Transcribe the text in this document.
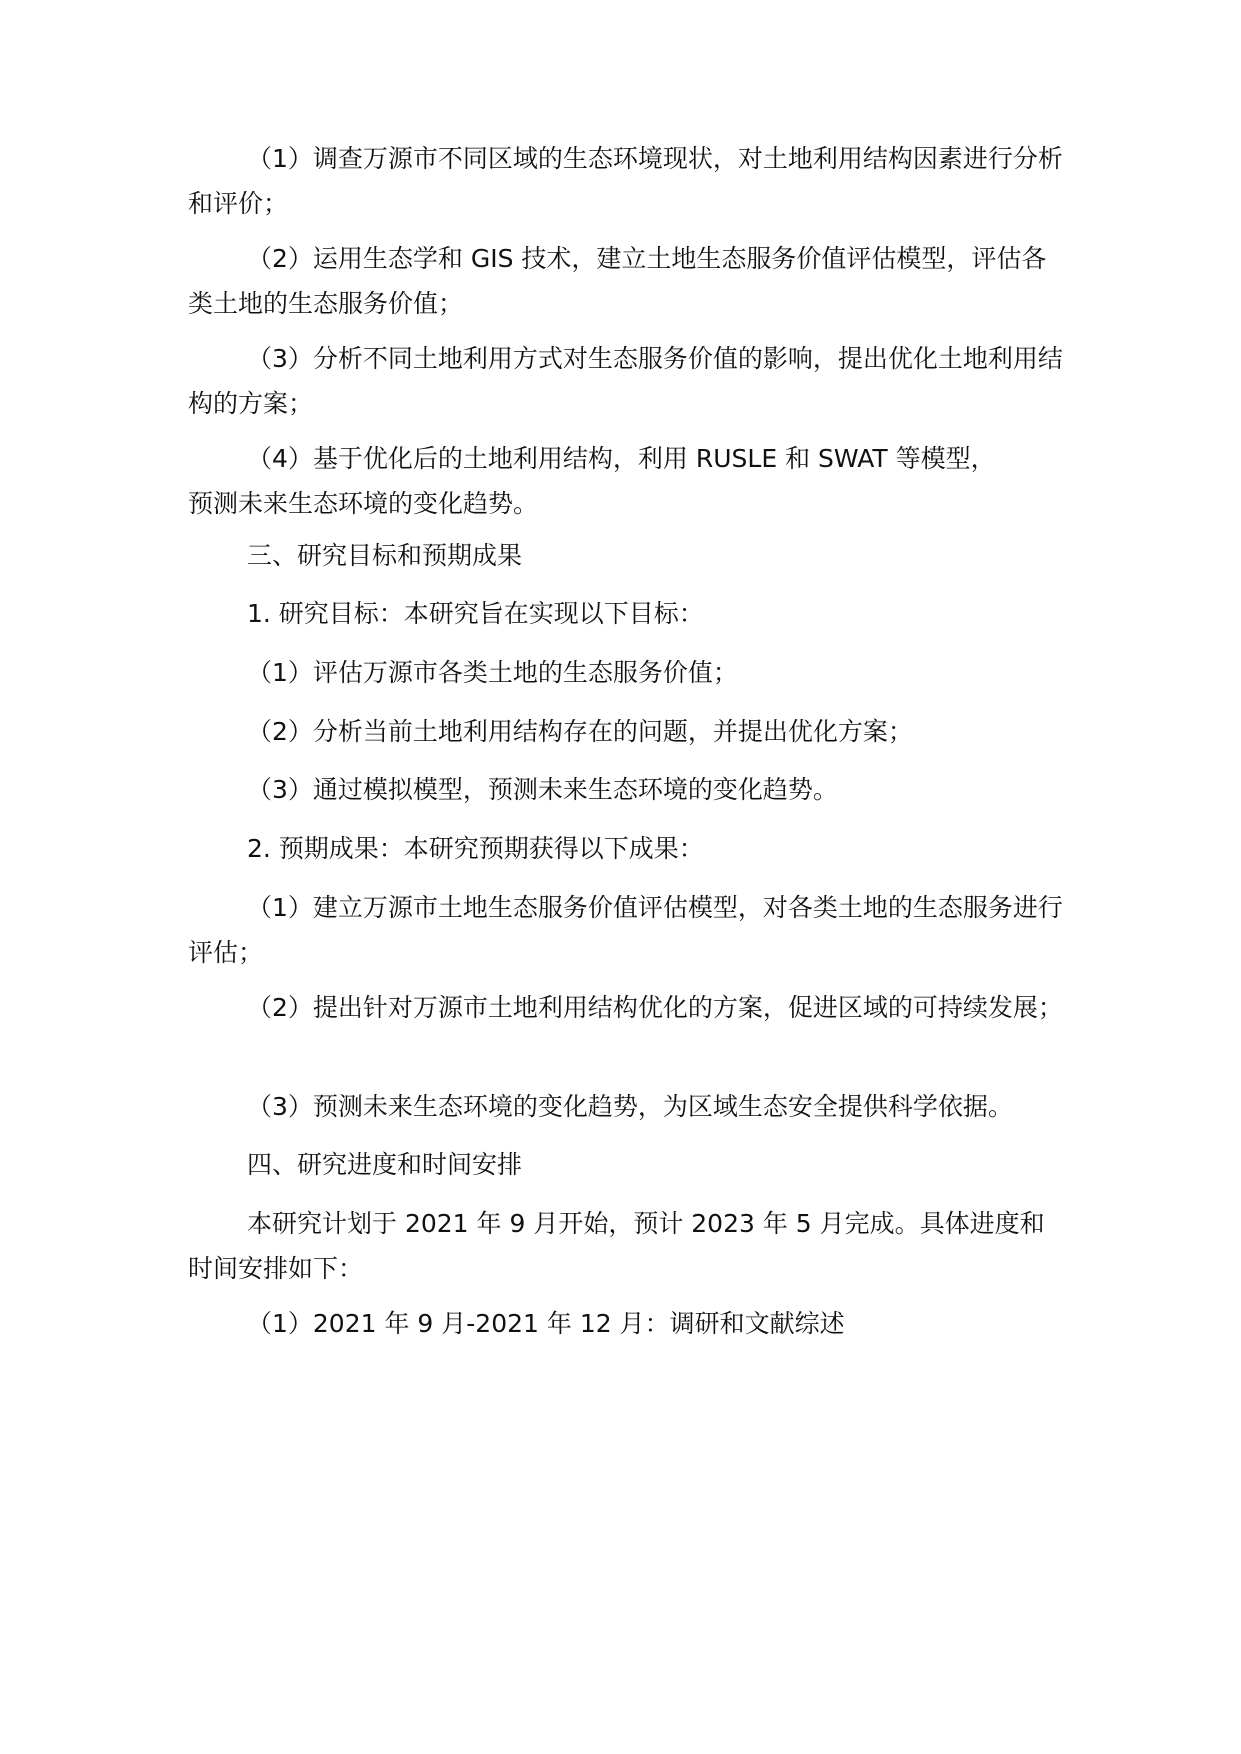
（1）调查万源市不同区域的生态环境现状，对土地利用结构因素进行分析和评价；

（2）运用生态学和 GIS 技术，建立土地生态服务价值评估模型，评估各类土地的生态服务价值；

（3）分析不同土地利用方式对生态服务价值的影响，提出优化土地利用结构的方案；

（4）基于优化后的土地利用结构，利用 RUSLE 和 SWAT 等模型，
预测未来生态环境的变化趋势。

三、研究目标和预期成果

1. 研究目标：本研究旨在实现以下目标：

（1）评估万源市各类土地的生态服务价值；

（2）分析当前土地利用结构存在的问题，并提出优化方案；

（3）通过模拟模型，预测未来生态环境的变化趋势。

2. 预期成果：本研究预期获得以下成果：

（1）建立万源市土地生态服务价值评估模型，对各类土地的生态服务进行评估；

（2）提出针对万源市土地利用结构优化的方案，促进区域的可持续发展；

（3）预测未来生态环境的变化趋势，为区域生态安全提供科学依据。

四、研究进度和时间安排

本研究计划于 2021 年 9 月开始，预计 2023 年 5 月完成。具体进度和时间安排如下：

（1）2021 年 9 月-2021 年 12 月：调研和文献综述
